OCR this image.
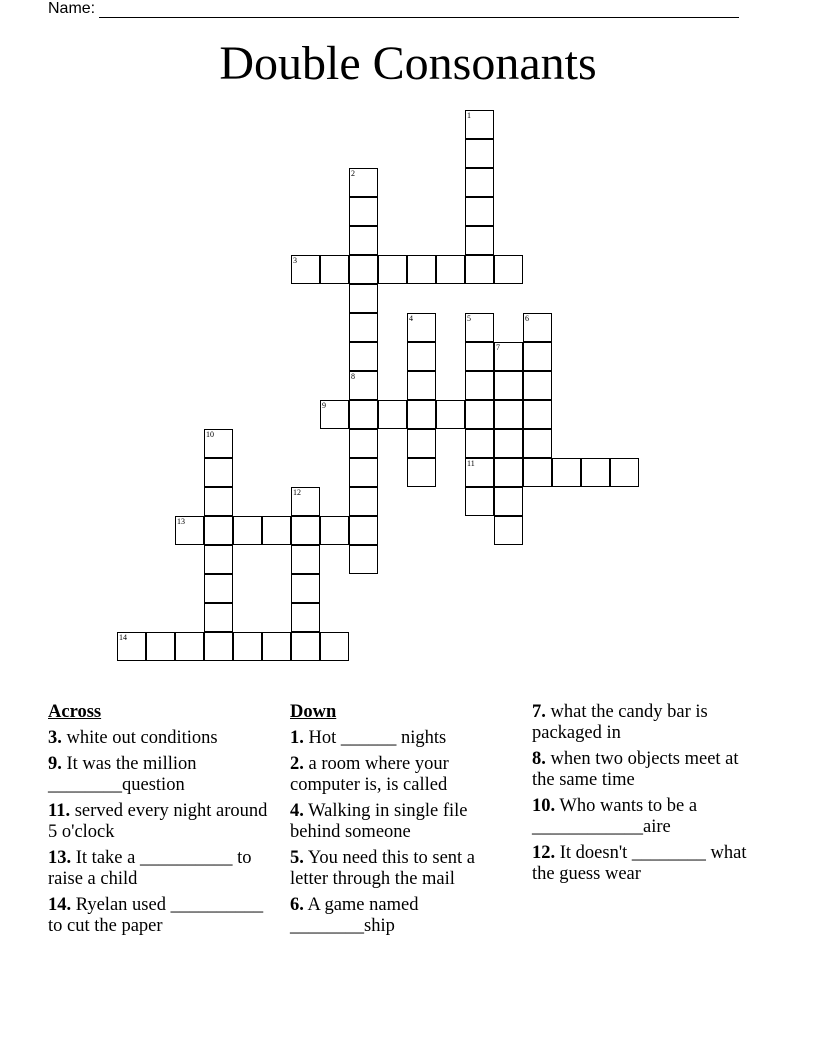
Name:
Double Consonants
1
2
3
4	5
11
6
7
8
9
10
12
13
14
Across
3. white out conditions
9. It was the million ________question
11. served every night around 5 o'clock
13. It take a __________ to raise a child
14. Ryelan used __________ to cut the paper
Down
1. Hot ______ nights
2. a room where your computer is, is called
4. Walking in single file behind someone
5. You need this to sent a letter through the mail
6. A game named ________ship
7. what the candy bar is packaged in
8. when two objects meet at the same time
10. Who wants to be a ____________aire
12. It doesn't ________ what the guess wear
